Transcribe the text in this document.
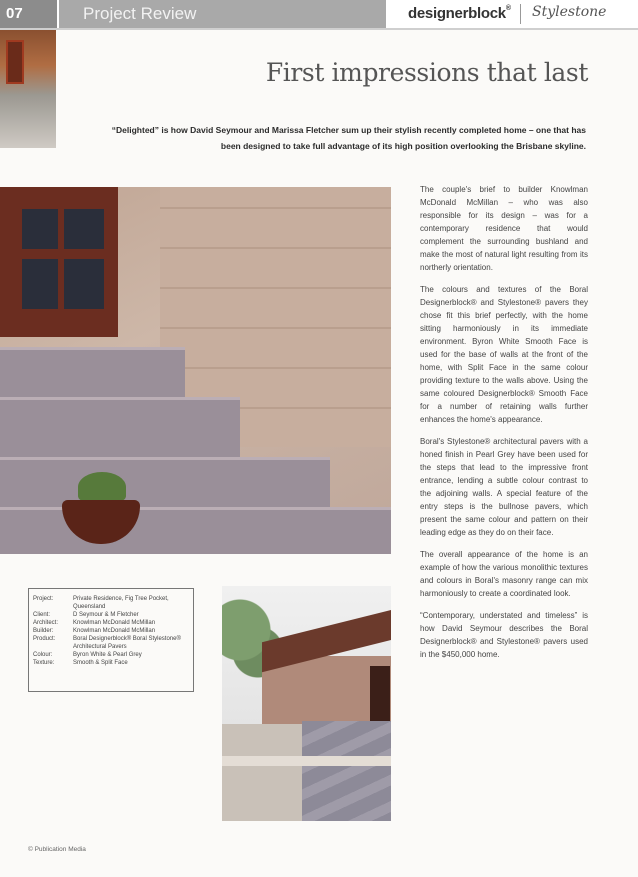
07	Project Review	designerblock® Stylestone
First impressions that last
“Delighted” is how David Seymour and Marissa Fletcher sum up their stylish recently completed home – one that has been designed to take full advantage of its high position overlooking the Brisbane skyline.

The couple's brief to builder Knowlman McDonald McMillan – who was also responsible for its design – was for a contemporary residence that would complement the surrounding bushland and make the most of natural light resulting from its northerly orientation.

The colours and textures of the Boral Designerblock® and Stylestone® pavers they chose fit this brief perfectly, with the home sitting harmoniously in its immediate environment. Byron White Smooth Face is used for the base of walls at the front of the home, with Split Face in the same colour providing texture to the walls above. Using the same coloured Designerblock® Smooth Face for a number of retaining walls further enhances the home's appearance.

Boral's Stylestone® architectural pavers with a honed finish in Pearl Grey have been used for the steps that lead to the impressive front entrance, lending a subtle colour contrast to the adjoining walls. A special feature of the entry steps is the bullnose pavers, which present the same colour and pattern on their leading edge as they do on their face.

The overall appearance of the home is an example of how the various monolithic textures and colours in Boral's masonry range can mix harmoniously to create a coordinated look.

“Contemporary, understated and timeless” is how David Seymour describes the Boral Designerblock® and Stylestone® pavers used in the $450,000 home.

Project:	Private Residence, Fig Tree Pocket, Queensland
Client:	D Seymour & M Fletcher
Architect:	Knowlman McDonald McMillan
Builder:	Knowlman McDonald McMillan
Product:	Boral Designerblock® Boral Stylestone® Architectural Pavers
Colour:	Byron White & Pearl Grey
Texture:	Smooth & Split Face
© Publication Media
